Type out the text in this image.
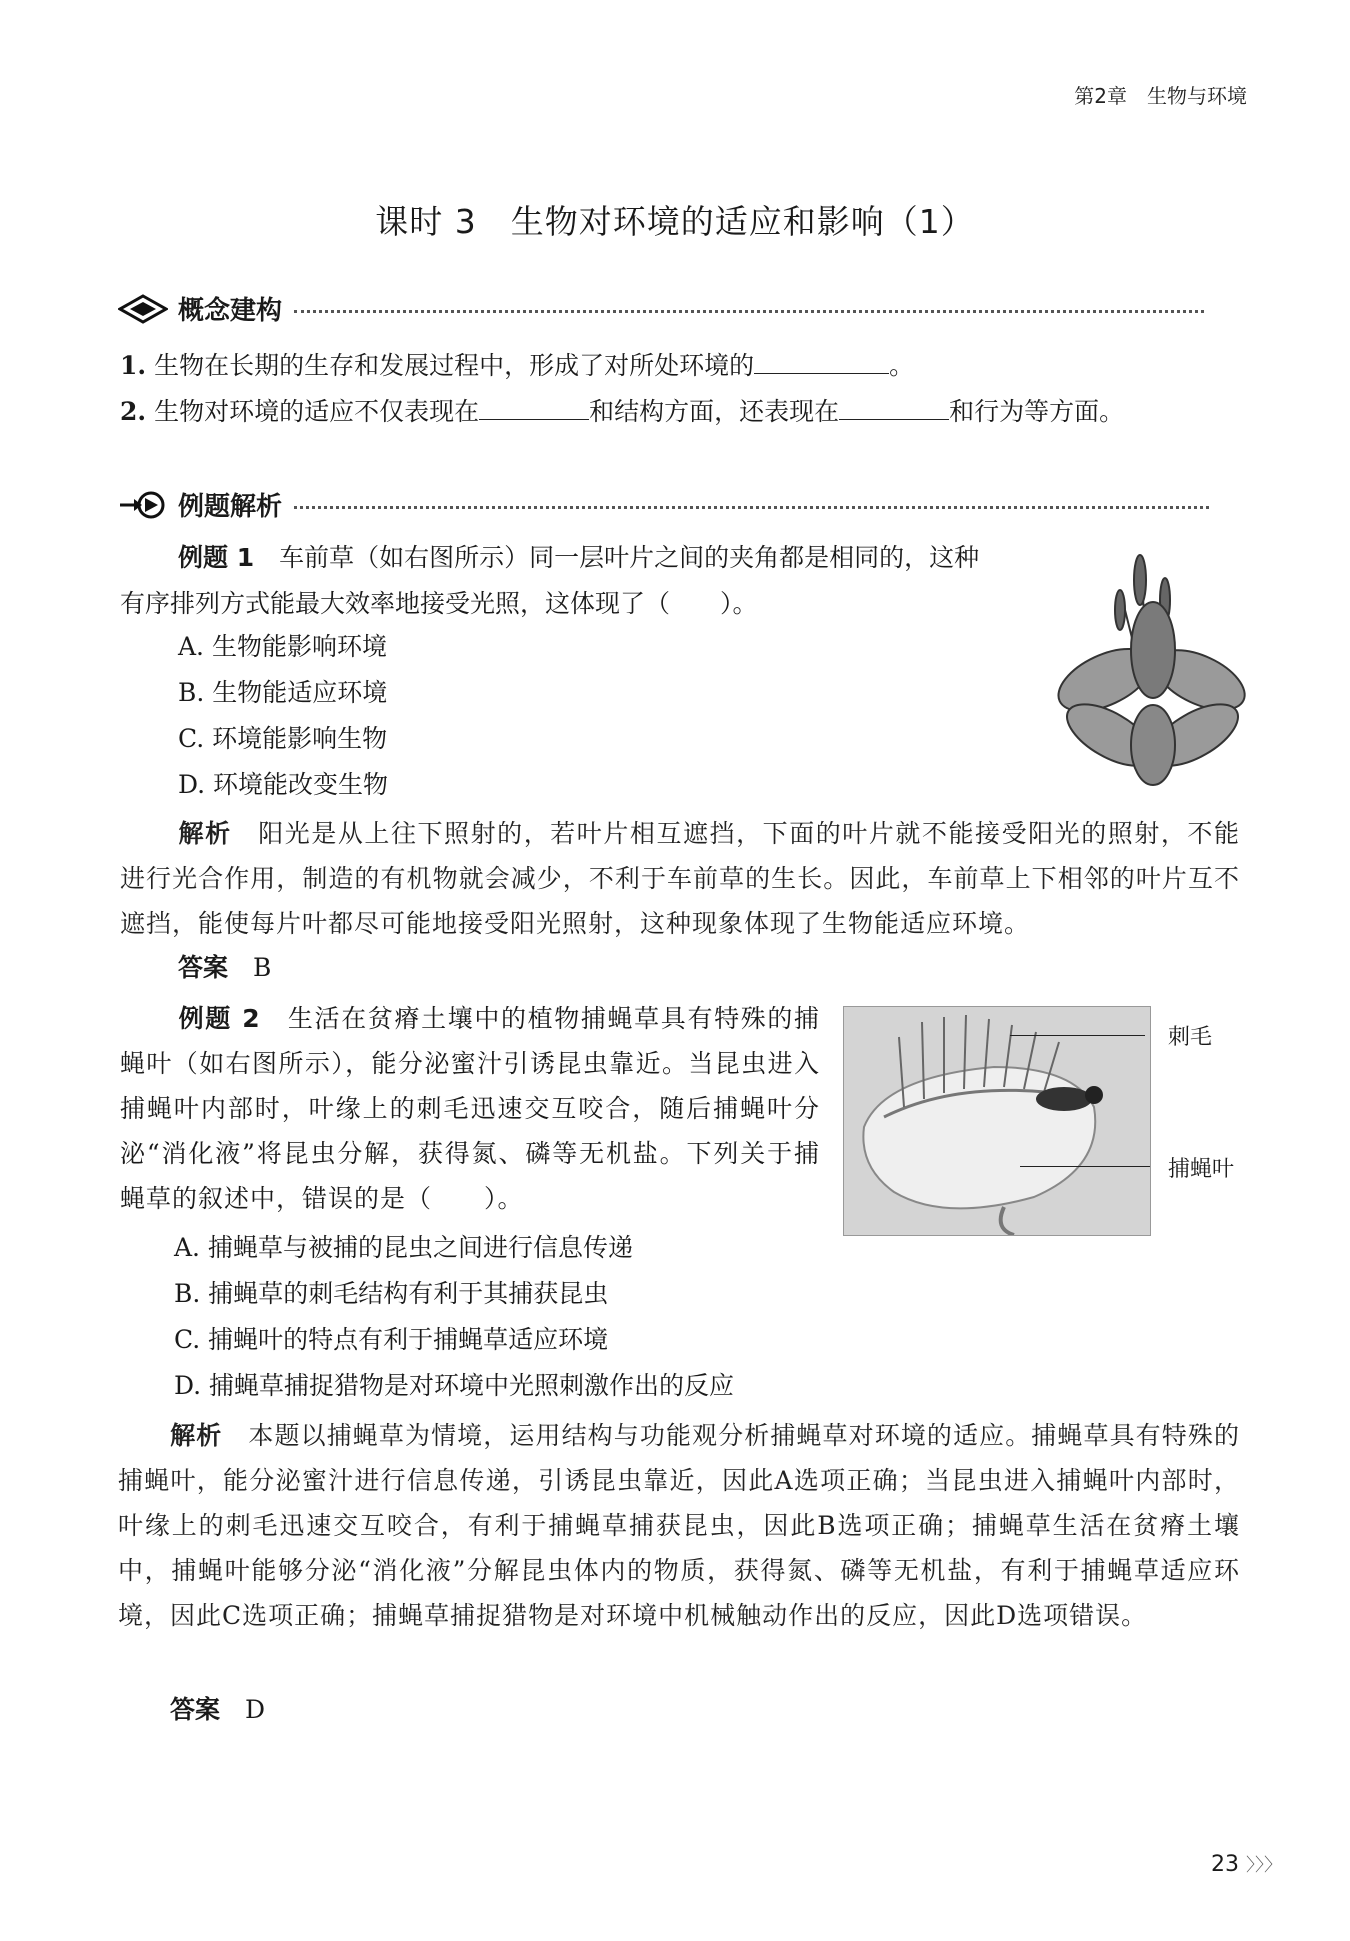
第2章　生物与环境
课时 3　生物对环境的适应和影响（1）
概念建构
1. 生物在长期的生存和发展过程中，形成了对所处环境的	。
2. 生物对环境的适应不仅表现在	和结构方面，还表现在	和行为等方面。
例题解析
例题 1　 车前草（如右图所示）同一层叶片之间的夹角都是相同的，这种
有序排列方式能最大效率地接受光照，这体现了（　　）。
A. 生物能影响环境
B. 生物能适应环境
C. 环境能影响生物
D. 环境能改变生物
解析　 阳光是从上往下照射的，若叶片相互遮挡，下面的叶片就不能接受阳光的照射，不能进行光合作用，制造的有机物就会减少，不利于车前草的生长。因此，车前草上下相邻的叶片互不遮挡，能使每片叶都尽可能地接受阳光照射，这种现象体现了生物能适应环境。
答案　 B
例题 2　 生活在贫瘠土壤中的植物捕蝇草具有特殊的捕蝇叶（如右图所示），能分泌蜜汁引诱昆虫靠近。当昆虫进入捕蝇叶内部时，叶缘上的刺毛迅速交互咬合，随后捕蝇叶分泌“消化液”将昆虫分解，获得氮、磷等无机盐。下列关于捕蝇草的叙述中，错误的是（　　）。
刺毛
捕蝇叶
A. 捕蝇草与被捕的昆虫之间进行信息传递
B. 捕蝇草的刺毛结构有利于其捕获昆虫
C. 捕蝇叶的特点有利于捕蝇草适应环境
D. 捕蝇草捕捉猎物是对环境中光照刺激作出的反应
解析　 本题以捕蝇草为情境，运用结构与功能观分析捕蝇草对环境的适应。捕蝇草具有特殊的捕蝇叶，能分泌蜜汁进行信息传递，引诱昆虫靠近，因此A选项正确；当昆虫进入捕蝇叶内部时，叶缘上的刺毛迅速交互咬合，有利于捕蝇草捕获昆虫，因此B选项正确；捕蝇草生活在贫瘠土壤中，捕蝇叶能够分泌“消化液”分解昆虫体内的物质，获得氮、磷等无机盐，有利于捕蝇草适应环境，因此C选项正确；捕蝇草捕捉猎物是对环境中机械触动作出的反应，因此D选项错误。
答案　 D
23 〉〉〉
